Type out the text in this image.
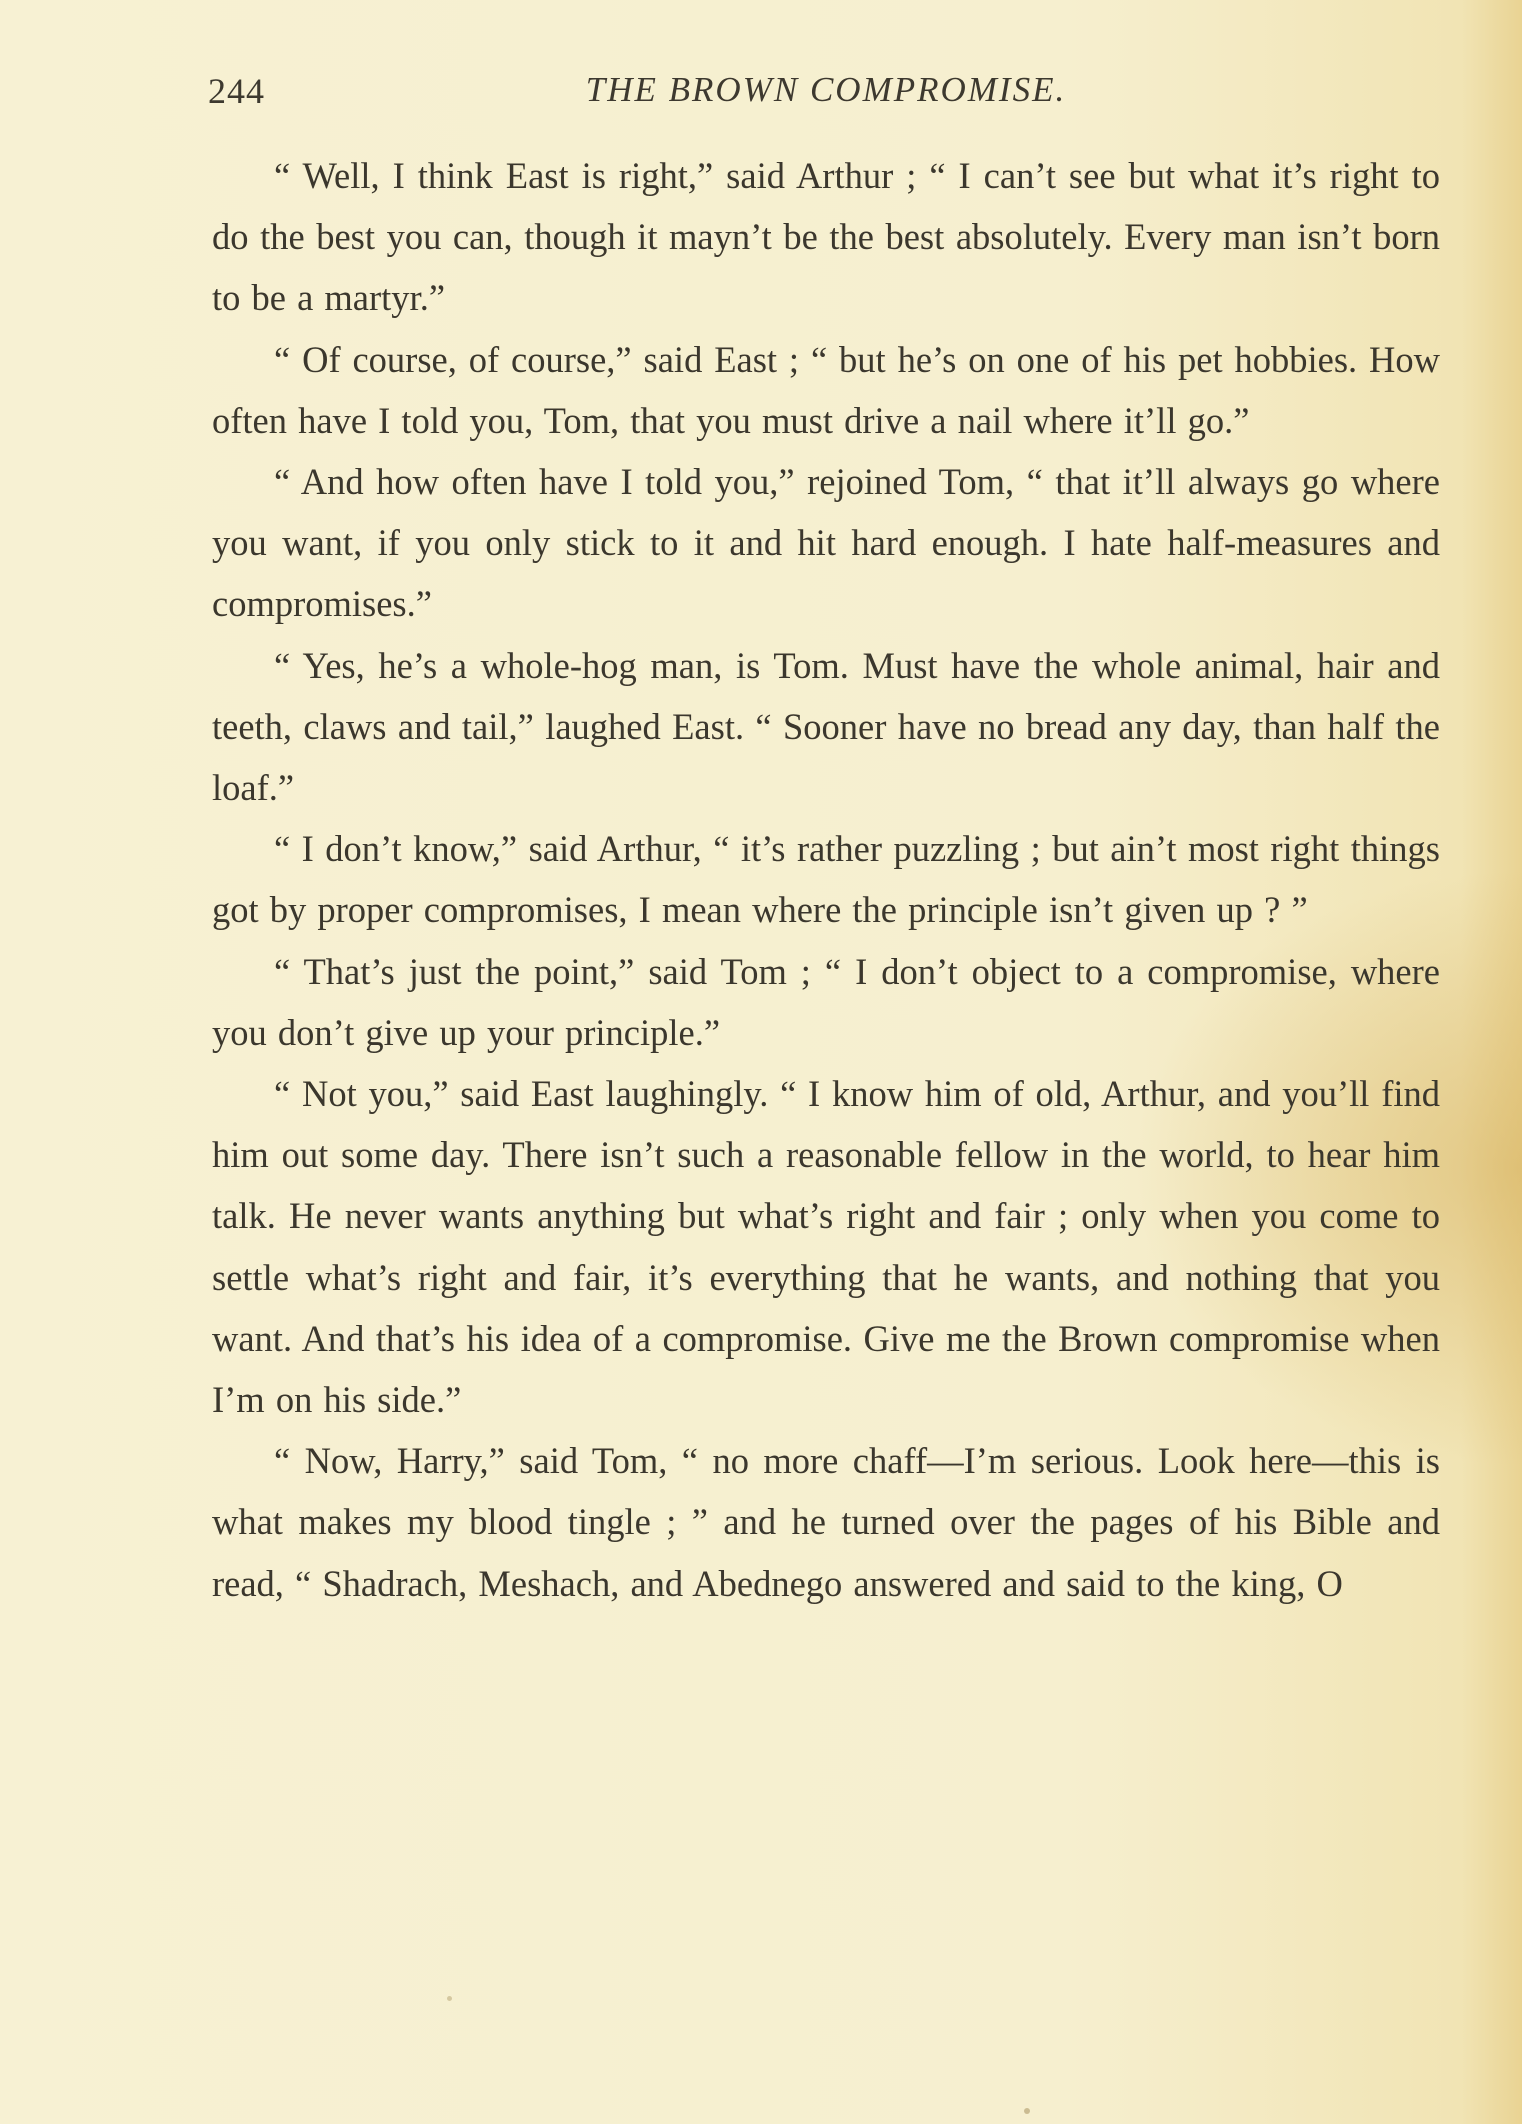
244	THE BROWN COMPROMISE.

“ Well, I think East is right,” said Arthur ; “ I can’t see but what it’s right to do the best you can, though it mayn’t be the best absolutely. Every man isn’t born to be a martyr.”

“ Of course, of course,” said East ; “ but he’s on one of his pet hobbies. How often have I told you, Tom, that you must drive a nail where it’ll go.”

“ And how often have I told you,” rejoined Tom, “ that it’ll always go where you want, if you only stick to it and hit hard enough. I hate half-measures and compromises.”

“ Yes, he’s a whole-hog man, is Tom. Must have the whole animal, hair and teeth, claws and tail,” laughed East. “ Sooner have no bread any day, than half the loaf.”

“ I don’t know,” said Arthur, “ it’s rather puzzling ; but ain’t most right things got by proper compromises, I mean where the principle isn’t given up ? ”

“ That’s just the point,” said Tom ; “ I don’t object to a compromise, where you don’t give up your principle.”

“ Not you,” said East laughingly. “ I know him of old, Arthur, and you’ll find him out some day. There isn’t such a reasonable fellow in the world, to hear him talk. He never wants anything but what’s right and fair ; only when you come to settle what’s right and fair, it’s everything that he wants, and nothing that you want. And that’s his idea of a compromise. Give me the Brown compromise when I’m on his side.”

“ Now, Harry,” said Tom, “ no more chaff—I’m serious. Look here—this is what makes my blood tingle ; ” and he turned over the pages of his Bible and read, “ Shadrach, Meshach, and Abednego answered and said to the king, O
